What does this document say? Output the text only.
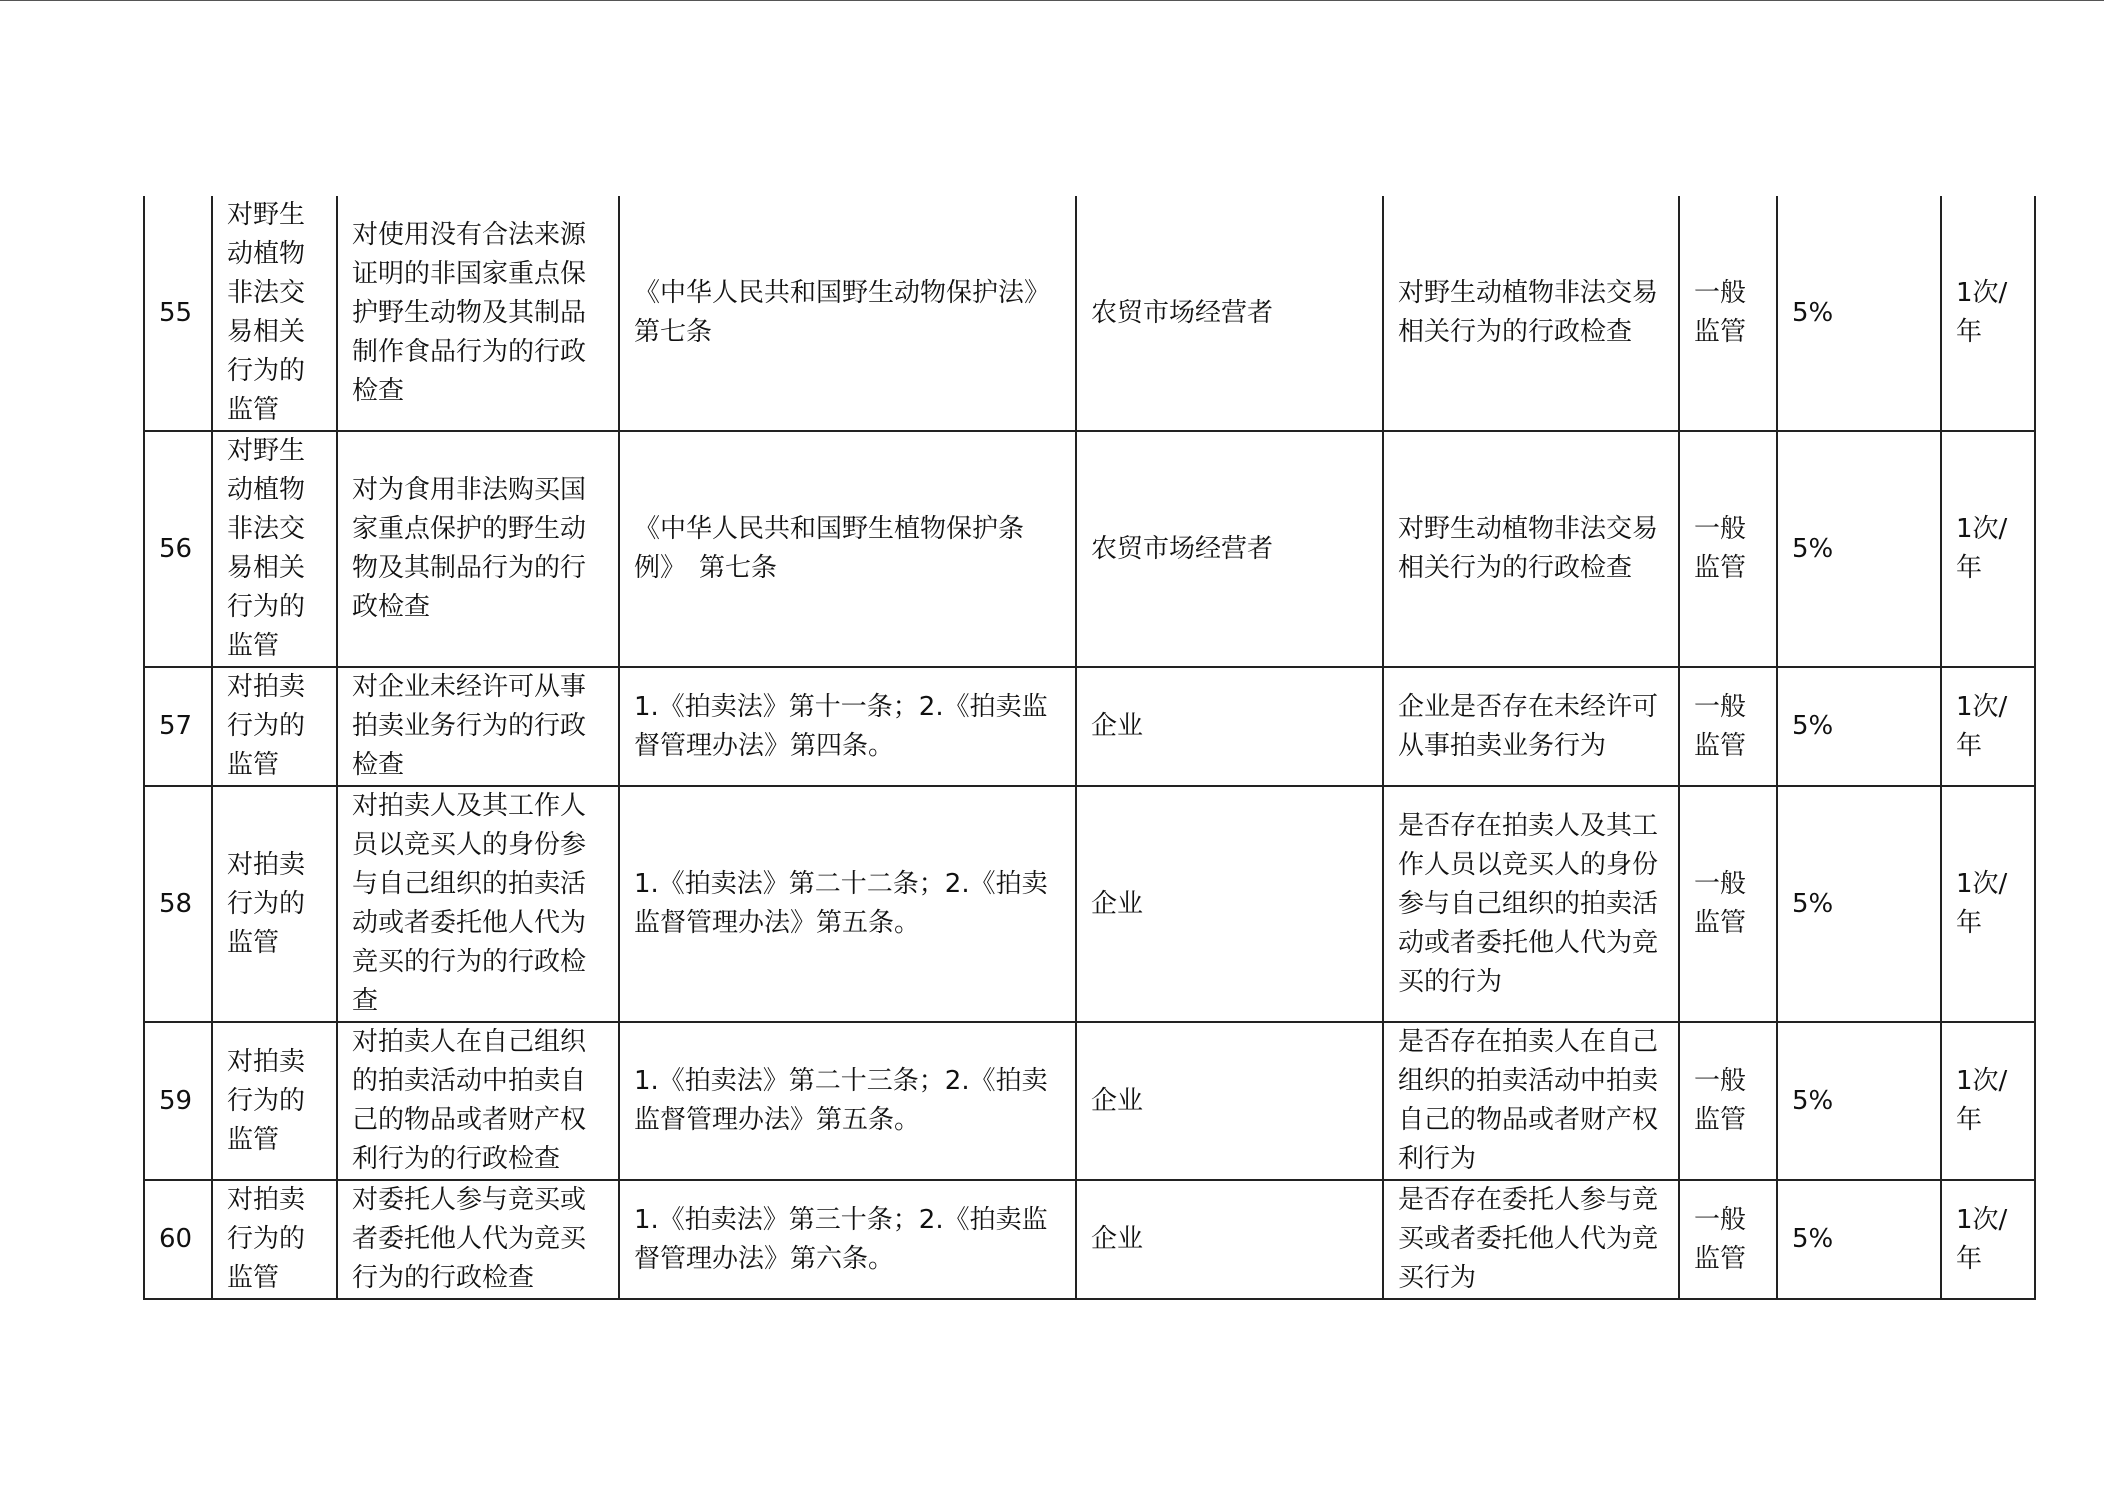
55	对野生动植物非法交易相关行为的监管	对使用没有合法来源证明的非国家重点保护野生动物及其制品制作食品行为的行政检查	《中华人民共和国野生动物保护法》第七条	农贸市场经营者	对野生动植物非法交易相关行为的行政检查	一般监管	5%	1次/年
56	对野生动植物非法交易相关行为的监管	对为食用非法购买国家重点保护的野生动物及其制品行为的行政检查	《中华人民共和国野生植物保护条例》　第七条	农贸市场经营者	对野生动植物非法交易相关行为的行政检查	一般监管	5%	1次/年
57	对拍卖行为的监管	对企业未经许可从事拍卖业务行为的行政检查	1.《拍卖法》第十一条；2.《拍卖监督管理办法》第四条。	企业	企业是否存在未经许可从事拍卖业务行为	一般监管	5%	1次/年
58	对拍卖行为的监管	对拍卖人及其工作人员以竞买人的身份参与自己组织的拍卖活动或者委托他人代为竞买的行为的行政检查	1.《拍卖法》第二十二条；2.《拍卖监督管理办法》第五条。	企业	是否存在拍卖人及其工作人员以竞买人的身份参与自己组织的拍卖活动或者委托他人代为竞买的行为	一般监管	5%	1次/年
59	对拍卖行为的监管	对拍卖人在自己组织的拍卖活动中拍卖自己的物品或者财产权利行为的行政检查	1.《拍卖法》第二十三条；2.《拍卖监督管理办法》第五条。	企业	是否存在拍卖人在自己组织的拍卖活动中拍卖自己的物品或者财产权利行为	一般监管	5%	1次/年
60	对拍卖行为的监管	对委托人参与竞买或者委托他人代为竞买行为的行政检查	1.《拍卖法》第三十条；2.《拍卖监督管理办法》第六条。	企业	是否存在委托人参与竞买或者委托他人代为竞买行为	一般监管	5%	1次/年
